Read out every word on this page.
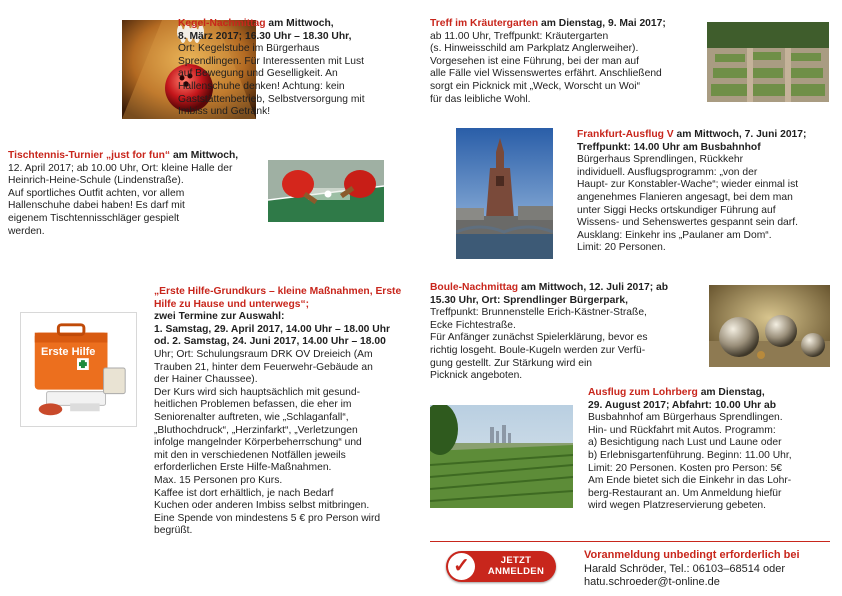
Kegel-Nachmittag am Mittwoch,
8. März 2017; 16.30 Uhr – 18.30 Uhr,
Ort: Kegelstube im Bürgerhaus
Sprendlingen. Für Interessenten mit Lust
auf Bewegung und Geselligkeit. An
Hallenschuhe denken! Achtung: kein
Gaststättenbetrieb, Selbstversorgung mit
Imbiss und Getränk!
Tischtennis-Turnier „just for fun“ am Mittwoch,
12. April 2017; ab 10.00 Uhr, Ort: kleine Halle der
Heinrich-Heine-Schule (Lindenstraße).
Auf sportliches Outfit achten, vor allem
Hallenschuhe dabei haben! Es darf mit
eigenem Tischtennisschläger gespielt
werden.
Erste Hilfe
„Erste Hilfe-Grundkurs – kleine Maßnahmen, Erste
Hilfe zu Hause und unterwegs“;
zwei Termine zur Auswahl:
1. Samstag, 29. April 2017, 14.00 Uhr – 18.00 Uhr
od. 2. Samstag, 24. Juni 2017, 14.00 Uhr – 18.00
Uhr; Ort: Schulungsraum DRK OV Dreieich (Am
Trauben 21, hinter dem Feuerwehr-Gebäude an
der Hainer Chaussee).
Der Kurs wird sich hauptsächlich mit gesund-
heitlichen Problemen befassen, die eher im
Seniorenalter auftreten, wie „Schlaganfall“,
„Bluthochdruck“, „Herzinfarkt“, „Verletzungen
infolge mangelnder Körperbeherrschung“ und
mit den in verschiedenen Notfällen jeweils
erforderlichen Erste Hilfe-Maßnahmen.
Max. 15 Personen pro Kurs.
Kaffee ist dort erhältlich, je nach Bedarf
Kuchen oder anderen Imbiss selbst mitbringen.
Eine Spende von mindestens 5 € pro Person wird
begrüßt.
Treff im Kräutergarten am Dienstag, 9. Mai 2017;
ab 11.00 Uhr, Treffpunkt: Kräutergarten
(s. Hinweisschild am Parkplatz Anglerweiher).
Vorgesehen ist eine Führung, bei der man auf
alle Fälle viel Wissenswertes erfährt. Anschließend
sorgt ein Picknick mit „Weck, Worscht un Woi“
für das leibliche Wohl.
Frankfurt-Ausflug V am Mittwoch, 7. Juni 2017;
Treffpunkt: 14.00 Uhr am Busbahnhof
Bürgerhaus Sprendlingen, Rückkehr
individuell. Ausflugsprogramm: „von der
Haupt- zur Konstabler-Wache“; wieder einmal ist
angenehmes Flanieren angesagt, bei dem man
unter Siggi Hecks ortskundiger Führung auf
Wissens- und Sehenswertes gespannt sein darf.
Ausklang: Einkehr ins „Paulaner am Dom“.
Limit: 20 Personen.
Boule-Nachmittag am Mittwoch, 12. Juli 2017; ab
15.30 Uhr, Ort: Sprendlinger Bürgerpark,
Treffpunkt: Brunnenstelle Erich-Kästner-Straße,
Ecke Fichtestraße.
Für Anfänger zunächst Spielerklärung, bevor es
richtig losgeht. Boule-Kugeln werden zur Verfü-
gung gestellt. Zur Stärkung wird ein
Picknick angeboten.
Ausflug zum Lohrberg am Dienstag,
29. August 2017; Abfahrt: 10.00 Uhr ab
Busbahnhof am Bürgerhaus Sprendlingen.
Hin- und Rückfahrt mit Autos. Programm:
a) Besichtigung nach Lust und Laune oder
b) Erlebnisgartenführung. Beginn: 11.00 Uhr,
Limit: 20 Personen. Kosten pro Person: 5€
Am Ende bietet sich die Einkehr in das Lohr-
berg-Restaurant an. Um Anmeldung hiefür
wird wegen Platzreservierung gebeten.
✓	JETZT
ANMELDEN
Voranmeldung unbedingt erforderlich bei
Harald Schröder, Tel.: 06103–68514 oder
hatu.schroeder@t-online.de
